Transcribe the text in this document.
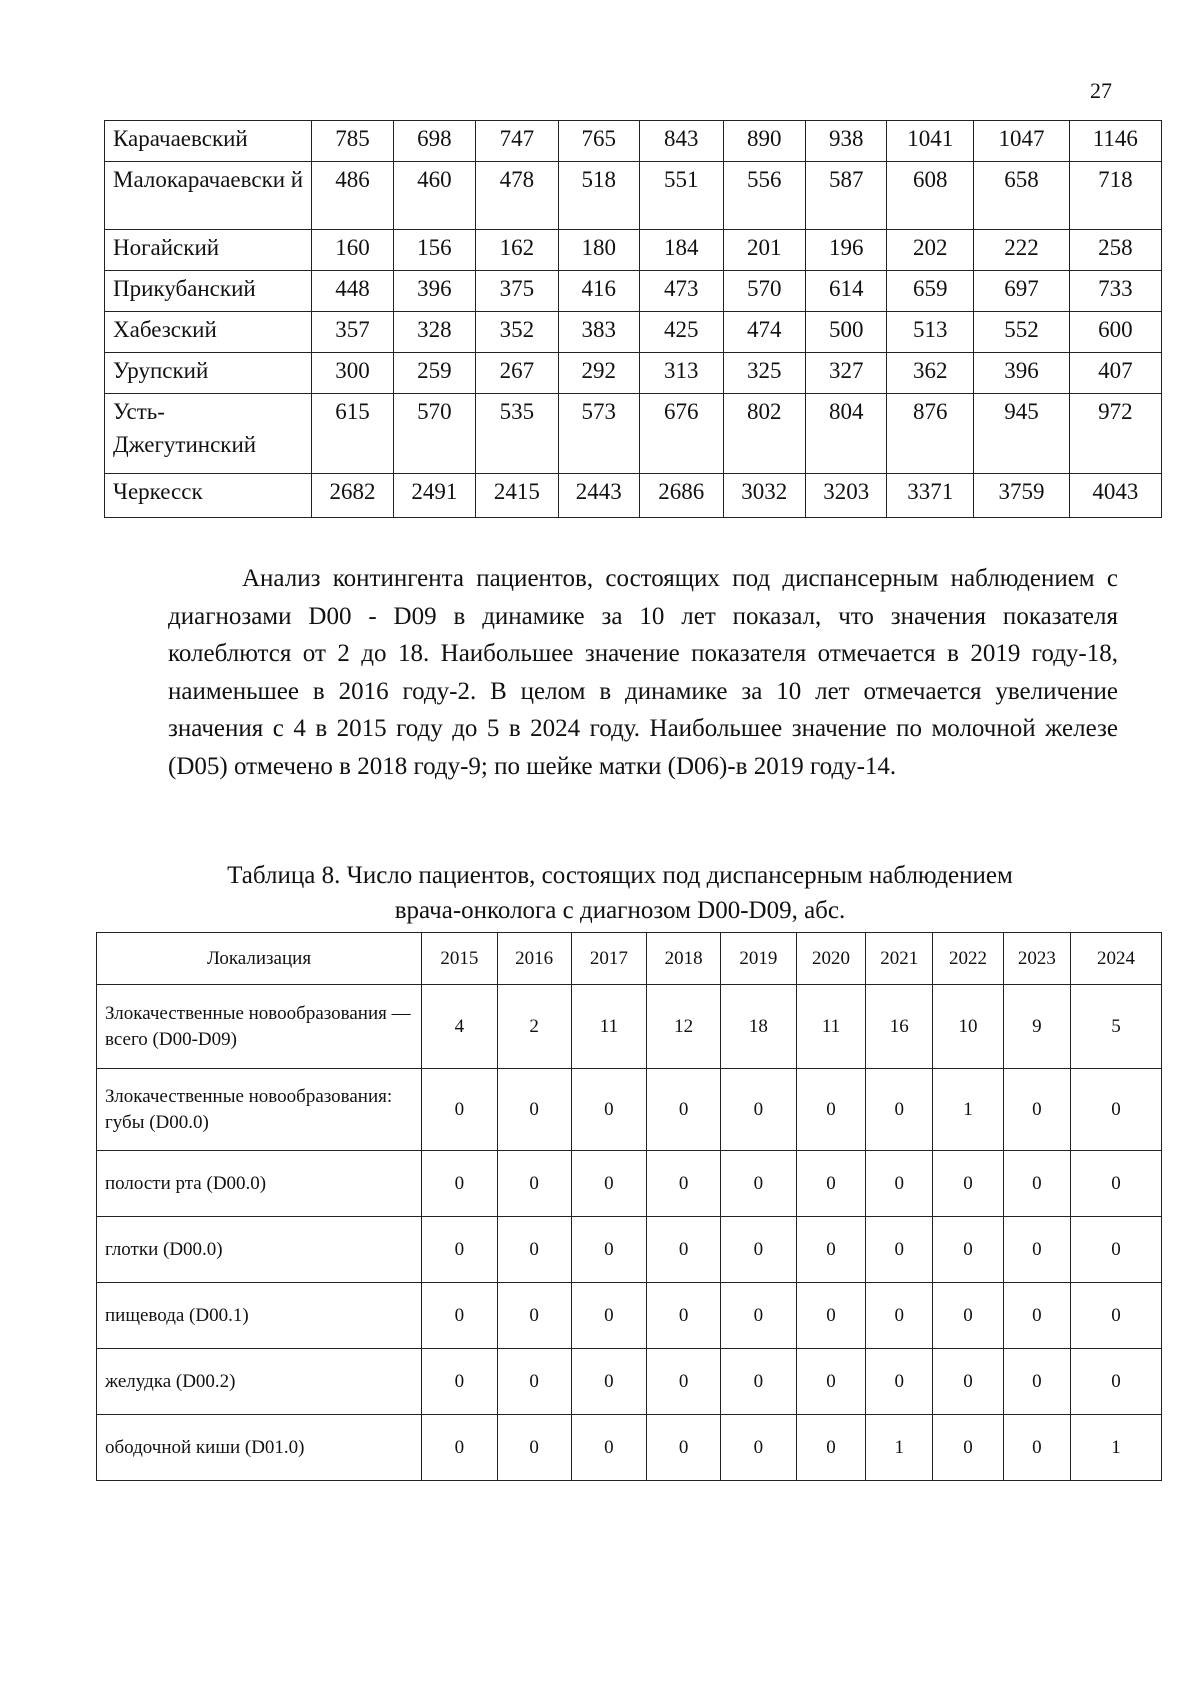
27
Карачаевский	785	698	747	765	843	890	938	1041	1047	1146
Малокарачаевски й	486	460	478	518	551	556	587	608	658	718
Ногайский	160	156	162	180	184	201	196	202	222	258
Прикубанский	448	396	375	416	473	570	614	659	697	733
Хабезский	357	328	352	383	425	474	500	513	552	600
Урупский	300	259	267	292	313	325	327	362	396	407
Усть-Джегутинский	615	570	535	573	676	802	804	876	945	972
Черкесск	2682	2491	2415	2443	2686	3032	3203	3371	3759	4043

Анализ контингента пациентов, состоящих под диспансерным наблюдением с диагнозами D00 - D09 в динамике за 10 лет показал, что значения показателя колеблются от 2 до 18. Наибольшее значение показателя отмечается в 2019 году-18, наименьшее в 2016 году-2. В целом в динамике за 10 лет отмечается увеличение значения с 4 в 2015 году до 5 в 2024 году. Наибольшее значение по молочной железе (D05) отмечено в 2018 году-9; по шейке матки (D06)-в 2019 году-14.

Таблица 8. Число пациентов, состоящих под диспансерным наблюдением
врача-онколога с диагнозом D00-D09, абс.
Локализация	2015	2016	2017	2018	2019	2020	2021	2022	2023	2024
Злокачественные новообразования — всего (D00-D09)	4	2	11	12	18	11	16	10	9	5
Злокачественные новообразования: губы (D00.0)	0	0	0	0	0	0	0	1	0	0
полости рта (D00.0)	0	0	0	0	0	0	0	0	0	0
глотки (D00.0)	0	0	0	0	0	0	0	0	0	0
пищевода (D00.1)	0	0	0	0	0	0	0	0	0	0
желудка (D00.2)	0	0	0	0	0	0	0	0	0	0
ободочной киши (D01.0)	0	0	0	0	0	0	1	0	0	1
